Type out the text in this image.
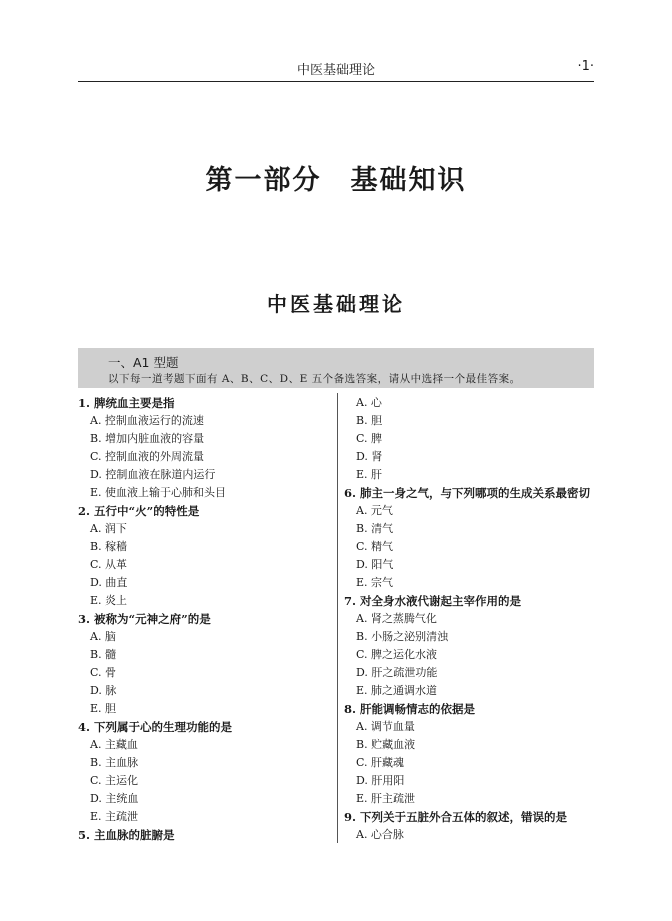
中医基础理论	·1·
第一部分　基础知识
中医基础理论
一、A1 型题
以下每一道考题下面有 A、B、C、D、E 五个备选答案，请从中选择一个最佳答案。
1. 脾统血主要是指
A. 控制血液运行的流速
B. 增加内脏血液的容量
C. 控制血液的外周流量
D. 控制血液在脉道内运行
E. 使血液上输于心肺和头目
2. 五行中“火”的特性是
A. 润下
B. 稼穑
C. 从革
D. 曲直
E. 炎上
3. 被称为“元神之府”的是
A. 脑
B. 髓
C. 骨
D. 脉
E. 胆
4. 下列属于心的生理功能的是
A. 主藏血
B. 主血脉
C. 主运化
D. 主统血
E. 主疏泄
5. 主血脉的脏腑是
A. 心
B. 胆
C. 脾
D. 肾
E. 肝
6. 肺主一身之气，与下列哪项的生成关系最密切
A. 元气
B. 清气
C. 精气
D. 阳气
E. 宗气
7. 对全身水液代谢起主宰作用的是
A. 肾之蒸腾气化
B. 小肠之泌别清浊
C. 脾之运化水液
D. 肝之疏泄功能
E. 肺之通调水道
8. 肝能调畅情志的依据是
A. 调节血量
B. 贮藏血液
C. 肝藏魂
D. 肝用阳
E. 肝主疏泄
9. 下列关于五脏外合五体的叙述，错误的是
A. 心合脉
